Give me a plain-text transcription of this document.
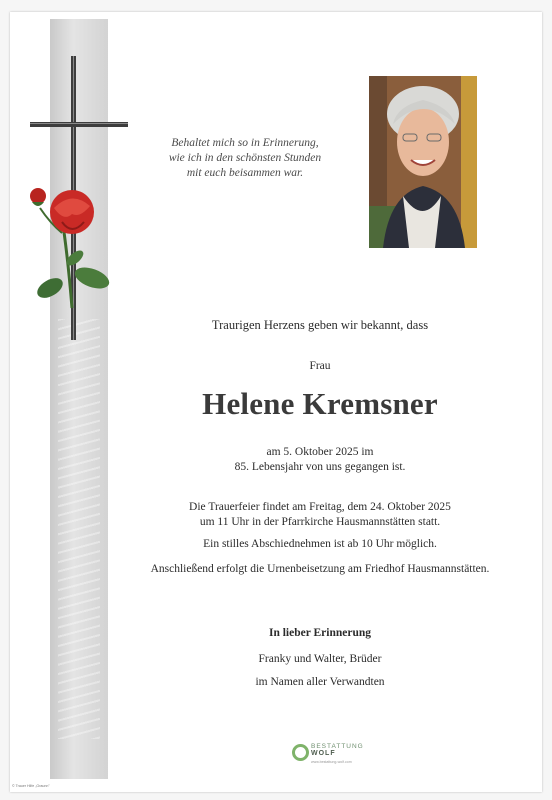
Behaltet mich so in Erinnerung,
wie ich in den schönsten Stunden
mit euch beisammen war.
Traurigen Herzens geben wir bekannt, dass
Frau
Helene Kremsner
am 5. Oktober 2025 im
85. Lebensjahr von uns gegangen ist.
Die Trauerfeier findet am Freitag, dem 24. Oktober 2025
um 11 Uhr in der Pfarrkirche Hausmannstätten statt.
Ein stilles Abschiednehmen ist ab 10 Uhr möglich.
Anschließend erfolgt die Urnenbeisetzung am Friedhof Hausmannstätten.
In lieber Erinnerung
Franky und Walter, Brüder
im Namen aller Verwandten
BESTATTUNG
WOLF
www.bestattung-wolf.com
© Trauer Hilfe „Graunn"
